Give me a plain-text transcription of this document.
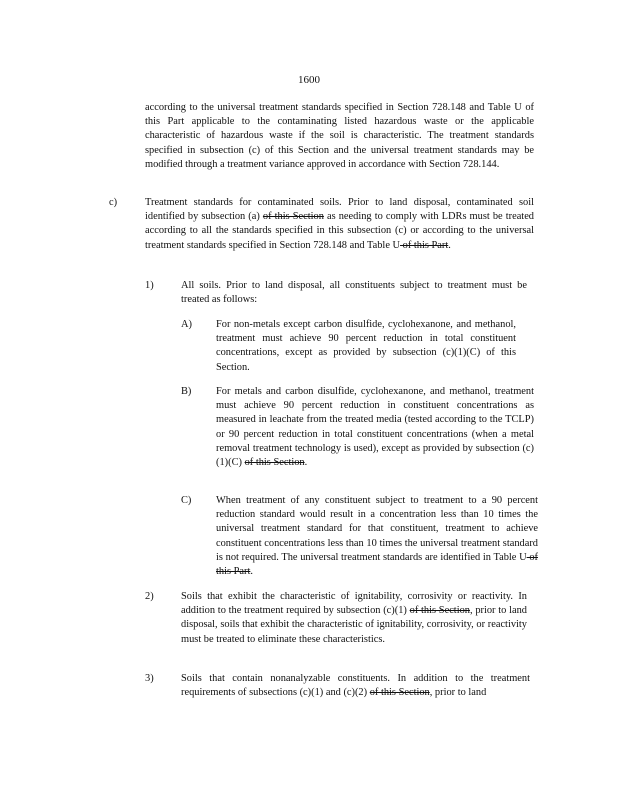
1600

according to the universal treatment standards specified in Section 728.148 and Table U of this Part applicable to the contaminating listed hazardous waste or the applicable characteristic of hazardous waste if the soil is characteristic. The treatment standards specified in subsection (c) of this Section and the universal treatment standards may be modified through a treatment variance approved in accordance with Section 728.144.

c)	Treatment standards for contaminated soils. Prior to land disposal, contaminated soil identified by subsection (a) of this Section as needing to comply with LDRs must be treated according to all the standards specified in this subsection (c) or according to the universal treatment standards specified in Section 728.148 and Table U of this Part.

1)	All soils. Prior to land disposal, all constituents subject to treatment must be treated as follows:

A) For non-metals except carbon disulfide, cyclohexanone, and methanol, treatment must achieve 90 percent reduction in total constituent concentrations, except as provided by subsection (c)(1)(C) of this Section.

B) For metals and carbon disulfide, cyclohexanone, and methanol, treatment must achieve 90 percent reduction in constituent concentrations as measured in leachate from the treated media (tested according to the TCLP) or 90 percent reduction in total constituent concentrations (when a metal removal treatment technology is used), except as provided by subsection (c)(1)(C) of this Section.

C) When treatment of any constituent subject to treatment to a 90 percent reduction standard would result in a concentration less than 10 times the universal treatment standard for that constituent, treatment to achieve constituent concentrations less than 10 times the universal treatment standard is not required. The universal treatment standards are identified in Table U of this Part.

2)	Soils that exhibit the characteristic of ignitability, corrosivity or reactivity. In addition to the treatment required by subsection (c)(1) of this Section, prior to land disposal, soils that exhibit the characteristic of ignitability, corrosivity, or reactivity must be treated to eliminate these characteristics.

3)	Soils that contain nonanalyzable constituents. In addition to the treatment requirements of subsections (c)(1) and (c)(2) of this Section, prior to land
